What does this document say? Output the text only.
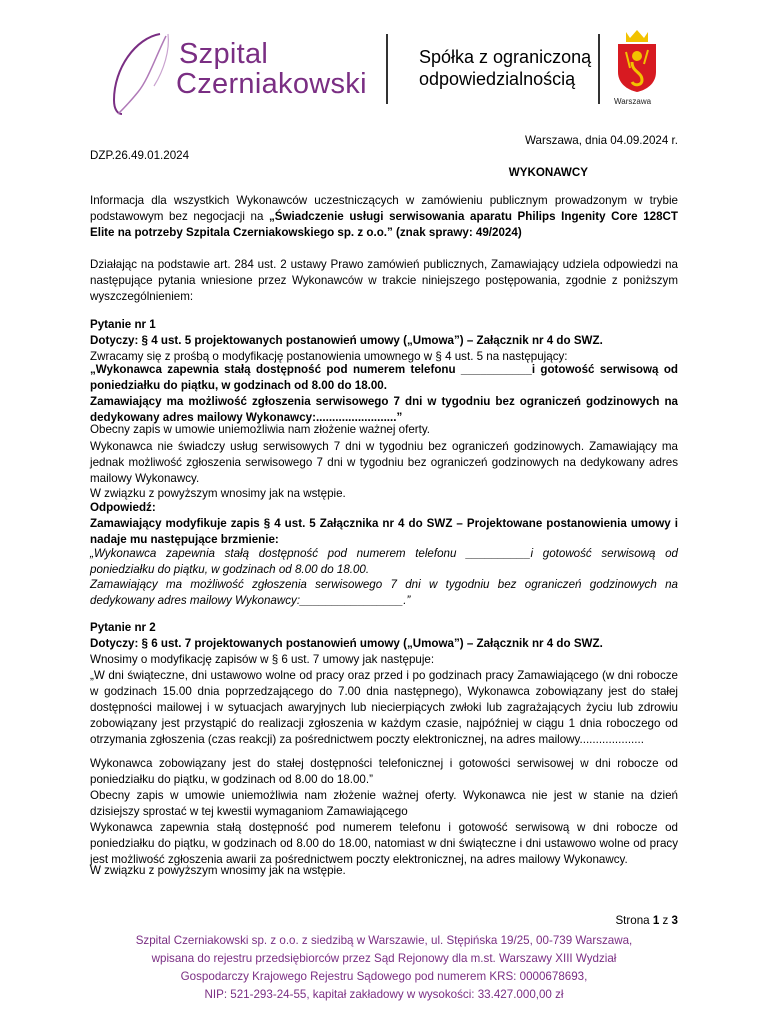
Szpital
Czerniakowski
Spółka z ograniczoną
odpowiedzialnością
Warszawa
Warszawa, dnia 04.09.2024 r.
DZP.26.49.01.2024
WYKONAWCY

Informacja dla wszystkich Wykonawców uczestniczących w zamówieniu publicznym prowadzonym w trybie podstawowym bez negocjacji na „Świadczenie usługi serwisowania aparatu Philips Ingenity Core 128CT Elite na potrzeby Szpitala Czerniakowskiego sp. z o.o.” (znak sprawy: 49/2024)

Działając na podstawie art. 284 ust. 2 ustawy Prawo zamówień publicznych, Zamawiający udziela odpowiedzi na następujące pytania wniesione przez Wykonawców w trakcie niniejszego postępowania, zgodnie z poniższym wyszczególnieniem:

Pytanie nr 1

Dotyczy: § 4 ust. 5 projektowanych postanowień umowy („Umowa”) – Załącznik nr 4 do SWZ.

Zwracamy się z prośbą o modyfikację postanowienia umownego w § 4 ust. 5 na następujący:

„Wykonawca zapewnia stałą dostępność pod numerem telefonu ___________i gotowość serwisową od poniedziałku do piątku, w godzinach od 8.00 do 18.00.

Zamawiający ma możliwość zgłoszenia serwisowego 7 dni w tygodniu bez ograniczeń godzinowych na dedykowany adres mailowy Wykonawcy:.........................”

Obecny zapis w umowie uniemożliwia nam złożenie ważnej oferty.

Wykonawca nie świadczy usług serwisowych 7 dni w tygodniu bez ograniczeń godzinowych. Zamawiający ma jednak możliwość zgłoszenia serwisowego 7 dni w tygodniu bez ograniczeń godzinowych na dedykowany adres mailowy Wykonawcy.

W związku z powyższym wnosimy jak na wstępie.

Odpowiedź:

Zamawiający modyfikuje zapis § 4 ust. 5 Załącznika nr 4 do SWZ – Projektowane postanowienia umowy i nadaje mu następujące brzmienie:

„Wykonawca zapewnia stałą dostępność pod numerem telefonu __________i gotowość serwisową od poniedziałku do piątku, w godzinach od 8.00 do 18.00.

Zamawiający ma możliwość zgłoszenia serwisowego 7 dni w tygodniu bez ograniczeń godzinowych na dedykowany adres mailowy Wykonawcy:________________.”

Pytanie nr 2

Dotyczy: § 6 ust. 7 projektowanych postanowień umowy („Umowa”) – Załącznik nr 4 do SWZ.

Wnosimy o modyfikację zapisów w § 6 ust. 7 umowy jak następuje:

„W dni świąteczne, dni ustawowo wolne od pracy oraz przed i po godzinach pracy Zamawiającego (w dni robocze w godzinach 15.00 dnia poprzedzającego do 7.00 dnia następnego), Wykonawca zobowiązany jest do stałej dostępności mailowej i w sytuacjach awaryjnych lub niecierpiących zwłoki lub zagrażających życiu lub zdrowiu zobowiązany jest przystąpić do realizacji zgłoszenia w każdym czasie, najpóźniej w ciągu 1 dnia roboczego od otrzymania zgłoszenia (czas reakcji) za pośrednictwem poczty elektronicznej, na adres mailowy....................

Wykonawca zobowiązany jest do stałej dostępności telefonicznej i gotowości serwisowej w dni robocze od poniedziałku do piątku, w godzinach od 8.00 do 18.00.”

Obecny zapis w umowie uniemożliwia nam złożenie ważnej oferty. Wykonawca nie jest w stanie na dzień dzisiejszy sprostać w tej kwestii wymaganiom Zamawiającego

Wykonawca zapewnia stałą dostępność pod numerem telefonu i gotowość serwisową w dni robocze od poniedziałku do piątku, w godzinach od 8.00 do 18.00, natomiast w dni świąteczne i dni ustawowo wolne od pracy jest możliwość zgłoszenia awarii za pośrednictwem poczty elektronicznej, na adres mailowy Wykonawcy.

W związku z powyższym wnosimy jak na wstępie.

Strona 1 z 3

Szpital Czerniakowski sp. z o.o. z siedzibą w Warszawie, ul. Stępińska 19/25, 00-739 Warszawa,

wpisana do rejestru przedsiębiorców przez Sąd Rejonowy dla m.st. Warszawy XIII Wydział

Gospodarczy Krajowego Rejestru Sądowego pod numerem KRS: 0000678693,

NIP: 521-293-24-55, kapitał zakładowy w wysokości: 33.427.000,00 zł
